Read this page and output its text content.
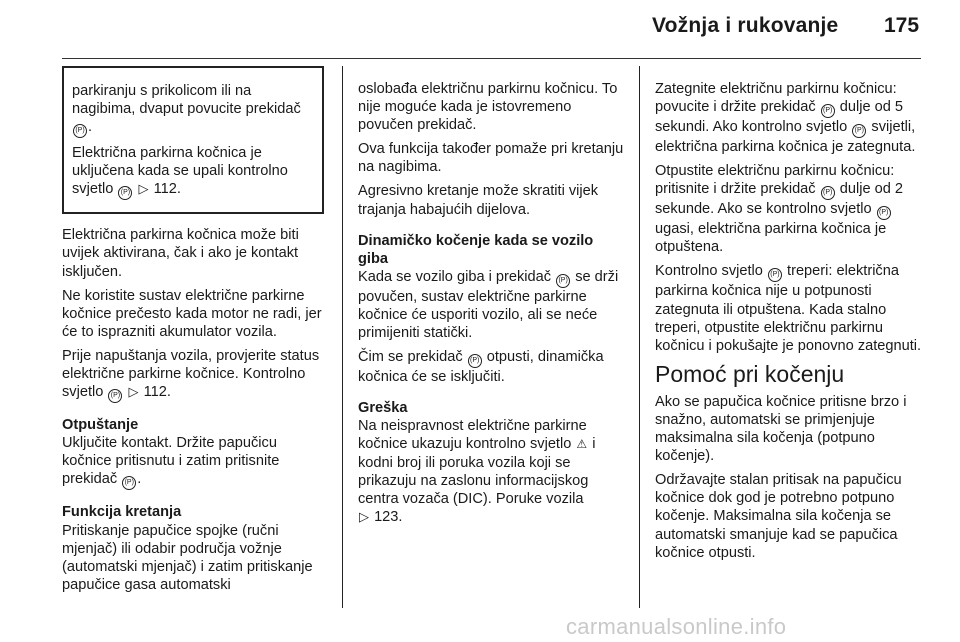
Vožnja i rukovanje 175

parkiranju s prikolicom ili na nagibima, dvaput povucite prekidač (P) .

Električna parkirna kočnica je uključena kada se upali kontrolno svjetlo (P) ▷ 112.

Električna parkirna kočnica može biti uvijek aktivirana, čak i ako je kontakt isključen.

Ne koristite sustav električne parkirne kočnice prečesto kada motor ne radi, jer će to isprazniti akumulator vozila.

Prije napuštanja vozila, provjerite status električne parkirne kočnice. Kontrolno svjetlo (P) ▷ 112.

Otpuštanje

Uključite kontakt. Držite papučicu kočnice pritisnutu i zatim pritisnite prekidač (P) .

Funkcija kretanja

Pritiskanje papučice spojke (ručni mjenjač) ili odabir područja vožnje (automatski mjenjač) i zatim pritiskanje papučice gasa automatski

oslobađa električnu parkirnu kočnicu. To nije moguće kada je istovremeno povučen prekidač.

Ova funkcija također pomaže pri kretanju na nagibima.

Agresivno kretanje može skratiti vijek trajanja habajućih dijelova.

Dinamičko kočenje kada se vozilo giba

Kada se vozilo giba i prekidač (P) se drži povučen, sustav električne parkirne kočnice će usporiti vozilo, ali se neće primijeniti statički.

Čim se prekidač (P) otpusti, dinamička kočnica će se isključiti.

Greška

Na neispravnost električne parkirne kočnice ukazuju kontrolno svjetlo ⚠ i kodni broj ili poruka vozila koji se prikazuju na zaslonu informacijskog centra vozača (DIC). Poruke vozila
▷ 123.

Zategnite električnu parkirnu kočnicu: povucite i držite prekidač (P) dulje od 5 sekundi. Ako kontrolno svjetlo (P) svijetli, električna parkirna kočnica je zategnuta.

Otpustite električnu parkirnu kočnicu: pritisnite i držite prekidač (P) dulje od 2 sekunde. Ako se kontrolno svjetlo (P) ugasi, električna parkirna kočnica je otpuštena.

Kontrolno svjetlo (P) treperi: električna parkirna kočnica nije u potpunosti zategnuta ili otpuštena. Kada stalno treperi, otpustite električnu parkirnu kočnicu i pokušajte je ponovno zategnuti.

Pomoć pri kočenju

Ako se papučica kočnice pritisne brzo i snažno, automatski se primjenjuje maksimalna sila kočenja (potpuno kočenje).

Održavajte stalan pritisak na papučicu kočnice dok god je potrebno potpuno kočenje. Maksimalna sila kočenja se automatski smanjuje kad se papučica kočnice otpusti.

carmanualsonline.info
